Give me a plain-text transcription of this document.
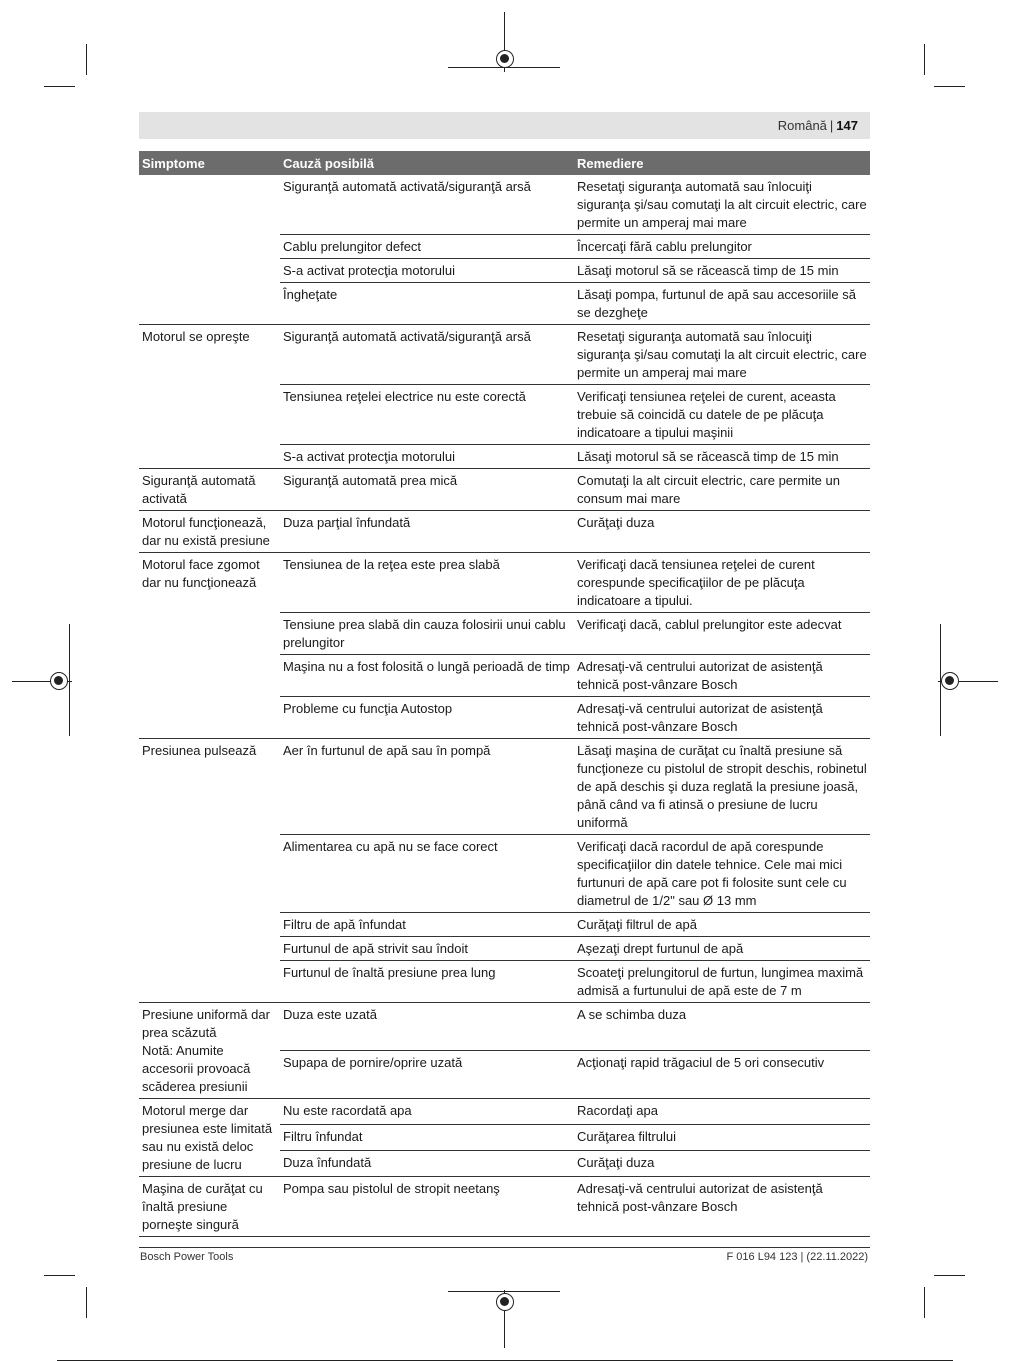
Română | 147
Simptome	Cauză posibilă	Remediere
	Siguranţă automată activată/siguranţă arsă	Resetaţi siguranţa automată sau înlocuiţi siguranţa şi/sau comutaţi la alt circuit electric, care permite un amperaj mai mare
	Cablu prelungitor defect	Încercaţi fără cablu prelungitor
	S-a activat protecţia motorului	Lăsaţi motorul să se răcească timp de 15 min
	Îngheţate	Lăsaţi pompa, furtunul de apă sau accesoriile să se dezgheţe
Motorul se opreşte	Siguranţă automată activată/siguranţă arsă	Resetaţi siguranţa automată sau înlocuiţi siguranţa şi/sau comutaţi la alt circuit electric, care permite un amperaj mai mare
	Tensiunea reţelei electrice nu este corectă	Verificaţi tensiunea reţelei de curent, aceasta trebuie să coincidă cu datele de pe plăcuţa indicatoare a tipului maşinii
	S-a activat protecţia motorului	Lăsaţi motorul să se răcească timp de 15 min
Siguranţă automată activată	Siguranţă automată prea mică	Comutaţi la alt circuit electric, care permite un consum mai mare
Motorul funcţionează, dar nu există presiune	Duza parţial înfundată	Curăţaţi duza
Motorul face zgomot dar nu funcţionează	Tensiunea de la reţea este prea slabă	Verificaţi dacă tensiunea reţelei de curent corespunde specificaţiilor de pe plăcuţa indicatoare a tipului.
	Tensiune prea slabă din cauza folosirii unui cablu prelungitor	Verificaţi dacă, cablul prelungitor este adecvat
	Maşina nu a fost folosită o lungă perioadă de timp	Adresaţi-vă centrului autorizat de asistenţă tehnică post-vânzare Bosch
	Probleme cu funcţia Autostop	Adresaţi-vă centrului autorizat de asistenţă tehnică post-vânzare Bosch
Presiunea pulsează	Aer în furtunul de apă sau în pompă	Lăsaţi maşina de curăţat cu înaltă presiune să funcţioneze cu pistolul de stropit deschis, robinetul de apă deschis şi duza reglată la presiune joasă, până când va fi atinsă o presiune de lucru uniformă
	Alimentarea cu apă nu se face corect	Verificaţi dacă racordul de apă corespunde specificaţiilor din datele tehnice. Cele mai mici furtunuri de apă care pot fi folosite sunt cele cu diametrul de 1/2" sau Ø 13 mm
	Filtru de apă înfundat	Curăţaţi filtrul de apă
	Furtunul de apă strivit sau îndoit	Aşezaţi drept furtunul de apă
	Furtunul de înaltă presiune prea lung	Scoateţi prelungitorul de furtun, lungimea maximă admisă a furtunului de apă este de 7 m
Presiune uniformă dar prea scăzută
Notă: Anumite accesorii provoacă scăderea presiunii	Duza este uzată	A se schimba duza
	Supapa de pornire/oprire uzată	Acţionaţi rapid trăgaciul de 5 ori consecutiv
Motorul merge dar presiunea este limitată sau nu există deloc presiune de lucru	Nu este racordată apa	Racordaţi apa
	Filtru înfundat	Curăţarea filtrului
	Duza înfundată	Curăţaţi duza
Maşina de curăţat cu înaltă presiune porneşte singură	Pompa sau pistolul de stropit neetanş	Adresaţi-vă centrului autorizat de asistenţă tehnică post-vânzare Bosch
Bosch Power Tools	F 016 L94 123 | (22.11.2022)
